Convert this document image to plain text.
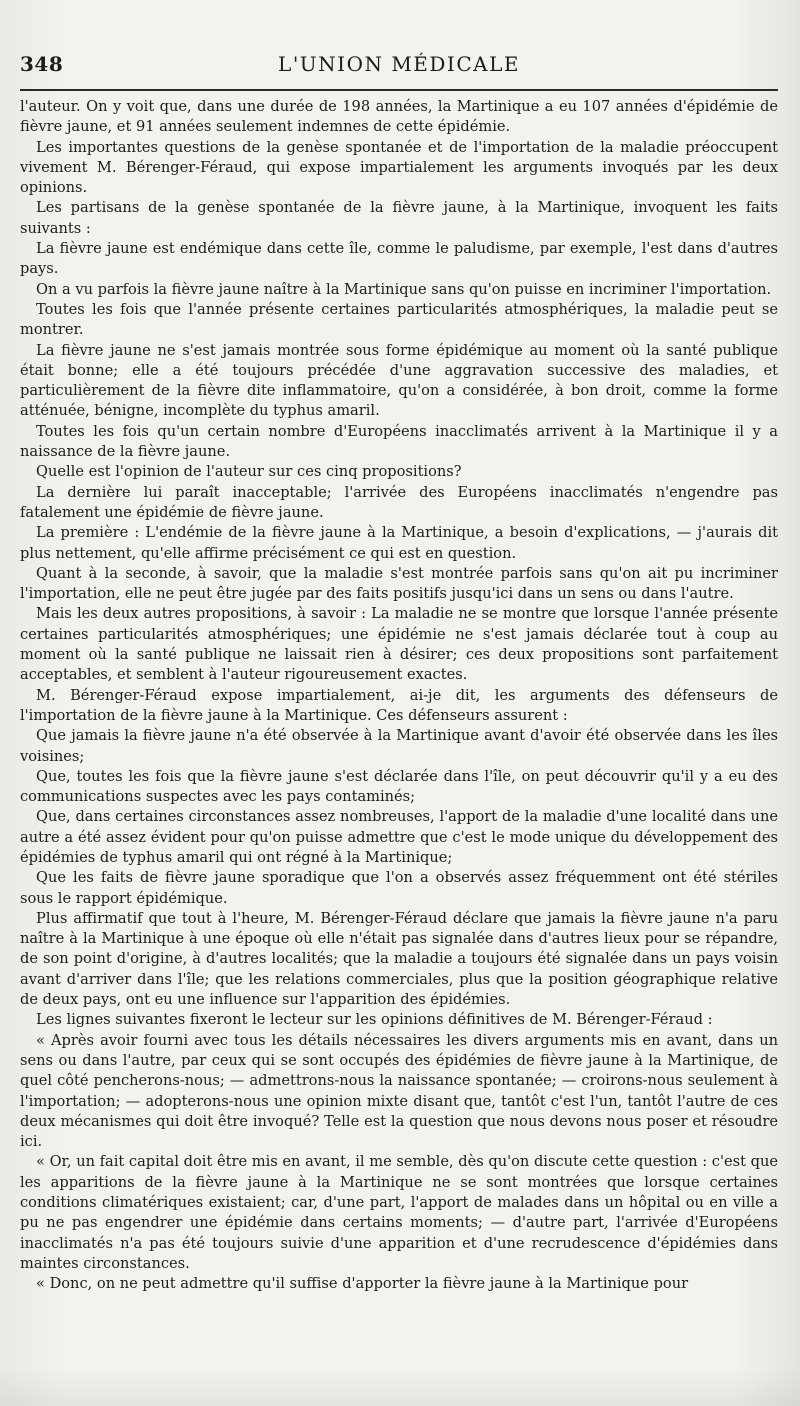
348	L'UNION MÉDICALE

l'auteur. On y voit que, dans une durée de 198 années, la Martinique a eu 107 années d'épidémie de fièvre jaune, et 91 années seulement indemnes de cette épidémie.

Les importantes questions de la genèse spontanée et de l'importation de la maladie préoccupent vivement M. Bérenger-Féraud, qui expose impartialement les arguments invoqués par les deux opinions.

Les partisans de la genèse spontanée de la fièvre jaune, à la Martinique, invoquent les faits suivants :

La fièvre jaune est endémique dans cette île, comme le paludisme, par exemple, l'est dans d'autres pays.

On a vu parfois la fièvre jaune naître à la Martinique sans qu'on puisse en incriminer l'importation.

Toutes les fois que l'année présente certaines particularités atmosphériques, la maladie peut se montrer.

La fièvre jaune ne s'est jamais montrée sous forme épidémique au moment où la santé publique était bonne; elle a été toujours précédée d'une aggravation successive des maladies, et particulièrement de la fièvre dite inflammatoire, qu'on a considérée, à bon droit, comme la forme atténuée, bénigne, incomplète du typhus amaril.

Toutes les fois qu'un certain nombre d'Européens inacclimatés arrivent à la Martinique il y a naissance de la fièvre jaune.

Quelle est l'opinion de l'auteur sur ces cinq propositions?

La dernière lui paraît inacceptable; l'arrivée des Européens inacclimatés n'engendre pas fatalement une épidémie de fièvre jaune.

La première : L'endémie de la fièvre jaune à la Martinique, a besoin d'explications, — j'aurais dit plus nettement, qu'elle affirme précisément ce qui est en question.

Quant à la seconde, à savoir, que la maladie s'est montrée parfois sans qu'on ait pu incriminer l'importation, elle ne peut être jugée par des faits positifs jusqu'ici dans un sens ou dans l'autre.

Mais les deux autres propositions, à savoir : La maladie ne se montre que lorsque l'année présente certaines particularités atmosphériques; une épidémie ne s'est jamais déclarée tout à coup au moment où la santé publique ne laissait rien à désirer; ces deux propositions sont parfaitement acceptables, et semblent à l'auteur rigoureusement exactes.

M. Bérenger-Féraud expose impartialement, ai-je dit, les arguments des défenseurs de l'importation de la fièvre jaune à la Martinique. Ces défenseurs assurent :

Que jamais la fièvre jaune n'a été observée à la Martinique avant d'avoir été observée dans les îles voisines;

Que, toutes les fois que la fièvre jaune s'est déclarée dans l'île, on peut découvrir qu'il y a eu des communications suspectes avec les pays contaminés;

Que, dans certaines circonstances assez nombreuses, l'apport de la maladie d'une localité dans une autre a été assez évident pour qu'on puisse admettre que c'est le mode unique du développement des épidémies de typhus amaril qui ont régné à la Martinique;

Que les faits de fièvre jaune sporadique que l'on a observés assez fréquemment ont été stériles sous le rapport épidémique.

Plus affirmatif que tout à l'heure, M. Bérenger-Féraud déclare que jamais la fièvre jaune n'a paru naître à la Martinique à une époque où elle n'était pas signalée dans d'autres lieux pour se répandre, de son point d'origine, à d'autres localités; que la maladie a toujours été signalée dans un pays voisin avant d'arriver dans l'île; que les relations commerciales, plus que la position géographique relative de deux pays, ont eu une influence sur l'apparition des épidémies.

Les lignes suivantes fixeront le lecteur sur les opinions définitives de M. Bérenger-Féraud :

« Après avoir fourni avec tous les détails nécessaires les divers arguments mis en avant, dans un sens ou dans l'autre, par ceux qui se sont occupés des épidémies de fièvre jaune à la Martinique, de quel côté pencherons-nous; — admettrons-nous la naissance spontanée; — croirons-nous seulement à l'importation; — adopterons-nous une opinion mixte disant que, tantôt c'est l'un, tantôt l'autre de ces deux mécanismes qui doit être invoqué? Telle est la question que nous devons nous poser et résoudre ici.

« Or, un fait capital doit être mis en avant, il me semble, dès qu'on discute cette question : c'est que les apparitions de la fièvre jaune à la Martinique ne se sont montrées que lorsque certaines conditions climatériques existaient; car, d'une part, l'apport de malades dans un hôpital ou en ville a pu ne pas engendrer une épidémie dans certains moments; — d'autre part, l'arrivée d'Européens inacclimatés n'a pas été toujours suivie d'une apparition et d'une recrudescence d'épidémies dans maintes circonstances.

« Donc, on ne peut admettre qu'il suffise d'apporter la fièvre jaune à la Martinique pour
